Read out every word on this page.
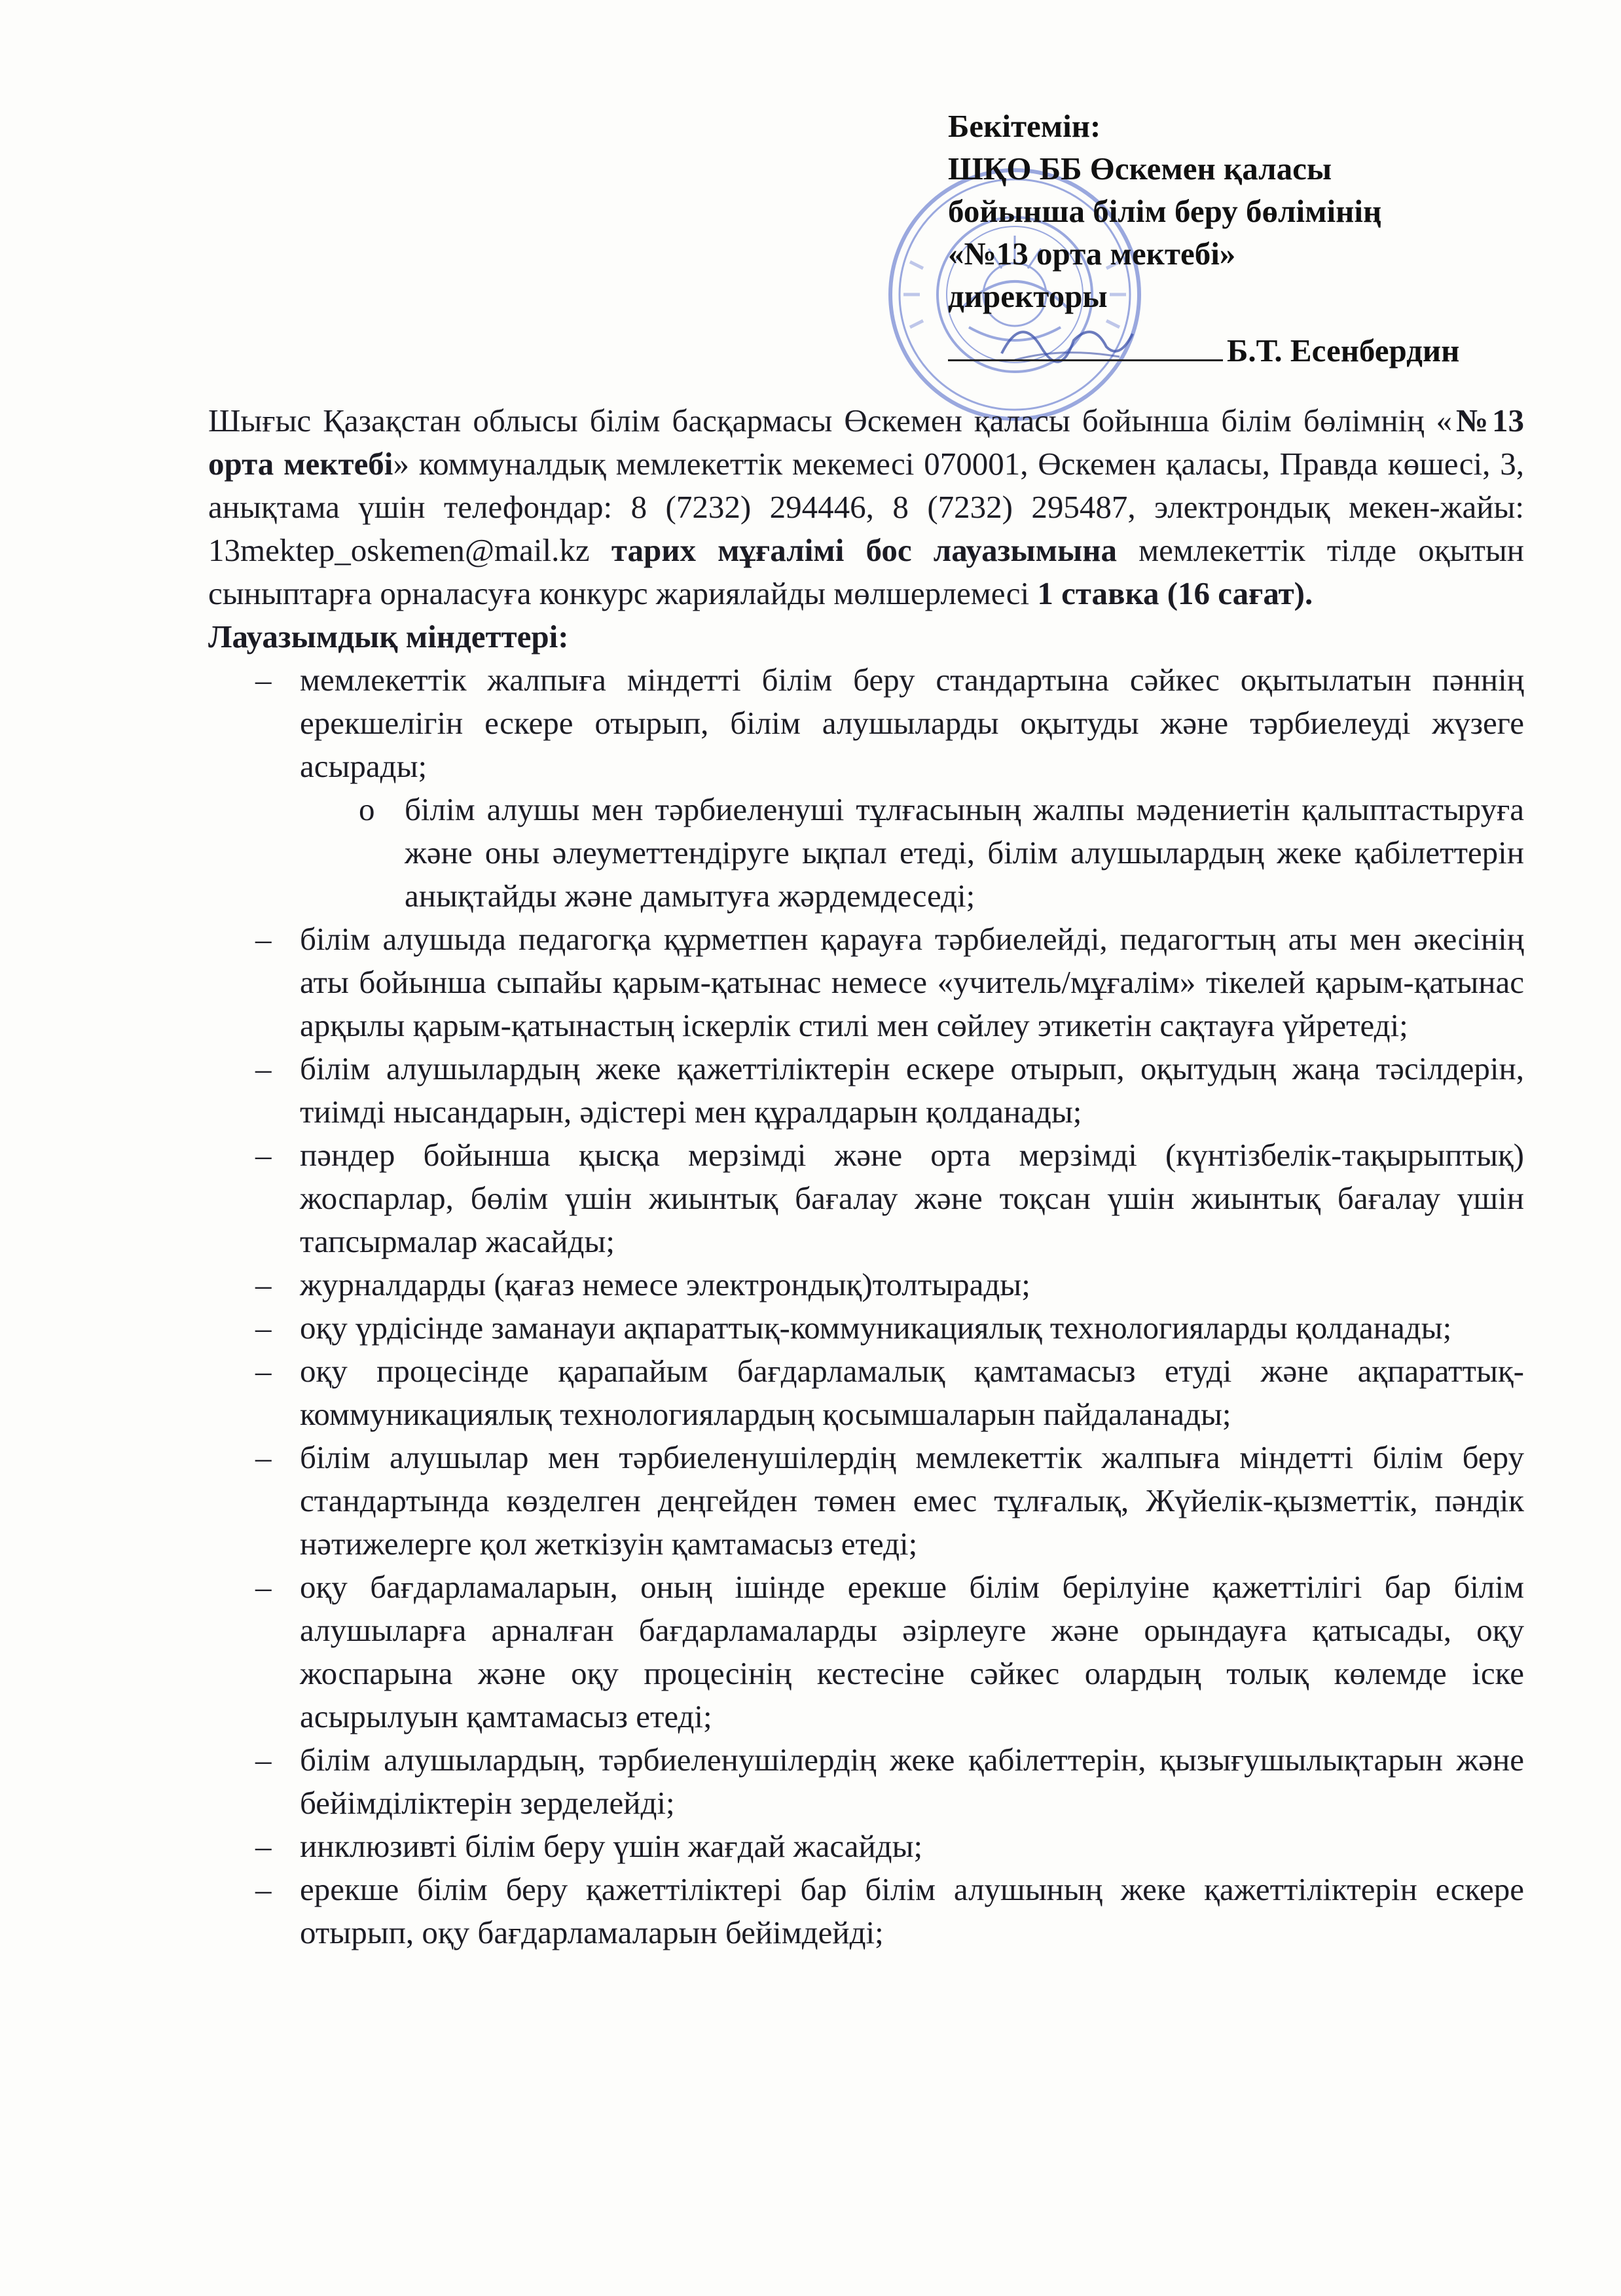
Бекітемін:
ШҚО ББ Өскемен қаласы
бойынша білім беру бөлімінің
«№13 орта мектебі»
директоры
Б.Т. Есенбердин

Шығыс Қазақстан облысы білім басқармасы Өскемен қаласы бойынша білім бөлімнің «№13 орта мектебі» коммуналдық мемлекеттік мекемесі 070001, Өскемен қаласы, Правда көшесі, 3, анықтама үшін телефондар: 8 (7232) 294446, 8 (7232) 295487, электрондық мекен-жайы: 13mektep_oskemen@mail.kz тарих мұғалімі бос лауазымына мемлекеттік тілде оқытын сыныптарға орналасуға конкурс жариялайды мөлшерлемесі 1 ставка (16 сағат).

Лауазымдық міндеттері:

– мемлекеттік жалпыға міндетті білім беру стандартына сәйкес оқытылатын пәннің ерекшелігін ескере отырып, білім алушыларды оқытуды және тәрбиелеуді жүзеге асырады;
o білім алушы мен тәрбиеленуші тұлғасының жалпы мәдениетін қалыптастыруға және оны әлеуметтендіруге ықпал етеді, білім алушылардың жеке қабілеттерін анықтайды және дамытуға жәрдемдеседі;
– білім алушыда педагогқа құрметпен қарауға тәрбиелейді, педагогтың аты мен әкесінің аты бойынша сыпайы қарым-қатынас немесе «учитель/мұғалім» тікелей қарым-қатынас арқылы қарым-қатынастың іскерлік стилі мен сөйлеу этикетін сақтауға үйретеді;
– білім алушылардың жеке қажеттіліктерін ескере отырып, оқытудың жаңа тәсілдерін, тиімді нысандарын, әдістері мен құралдарын қолданады;
– пәндер бойынша қысқа мерзімді және орта мерзімді (күнтізбелік-тақырыптық) жоспарлар, бөлім үшін жиынтық бағалау және тоқсан үшін жиынтық бағалау үшін тапсырмалар жасайды;
– журналдарды (қағаз немесе электрондық)толтырады;
– оқу үрдісінде заманауи ақпараттық-коммуникациялық технологияларды қолданады;
– оқу процесінде қарапайым бағдарламалық қамтамасыз етуді және ақпараттық-коммуникациялық технологиялардың қосымшаларын пайдаланады;
– білім алушылар мен тәрбиеленушілердің мемлекеттік жалпыға міндетті білім беру стандартында көзделген деңгейден төмен емес тұлғалық, Жүйелік-қызметтік, пәндік нәтижелерге қол жеткізуін қамтамасыз етеді;
– оқу бағдарламаларын, оның ішінде ерекше білім берілуіне қажеттілігі бар білім алушыларға арналған бағдарламаларды әзірлеуге және орындауға қатысады, оқу жоспарына және оқу процесінің кестесіне сәйкес олардың толық көлемде іске асырылуын қамтамасыз етеді;
– білім алушылардың, тәрбиеленушілердің жеке қабілеттерін, қызығушылықтарын және бейімділіктерін зерделейді;
– инклюзивті білім беру үшін жағдай жасайды;
– ерекше білім беру қажеттіліктері бар білім алушының жеке қажеттіліктерін ескере отырып, оқу бағдарламаларын бейімдейді;
